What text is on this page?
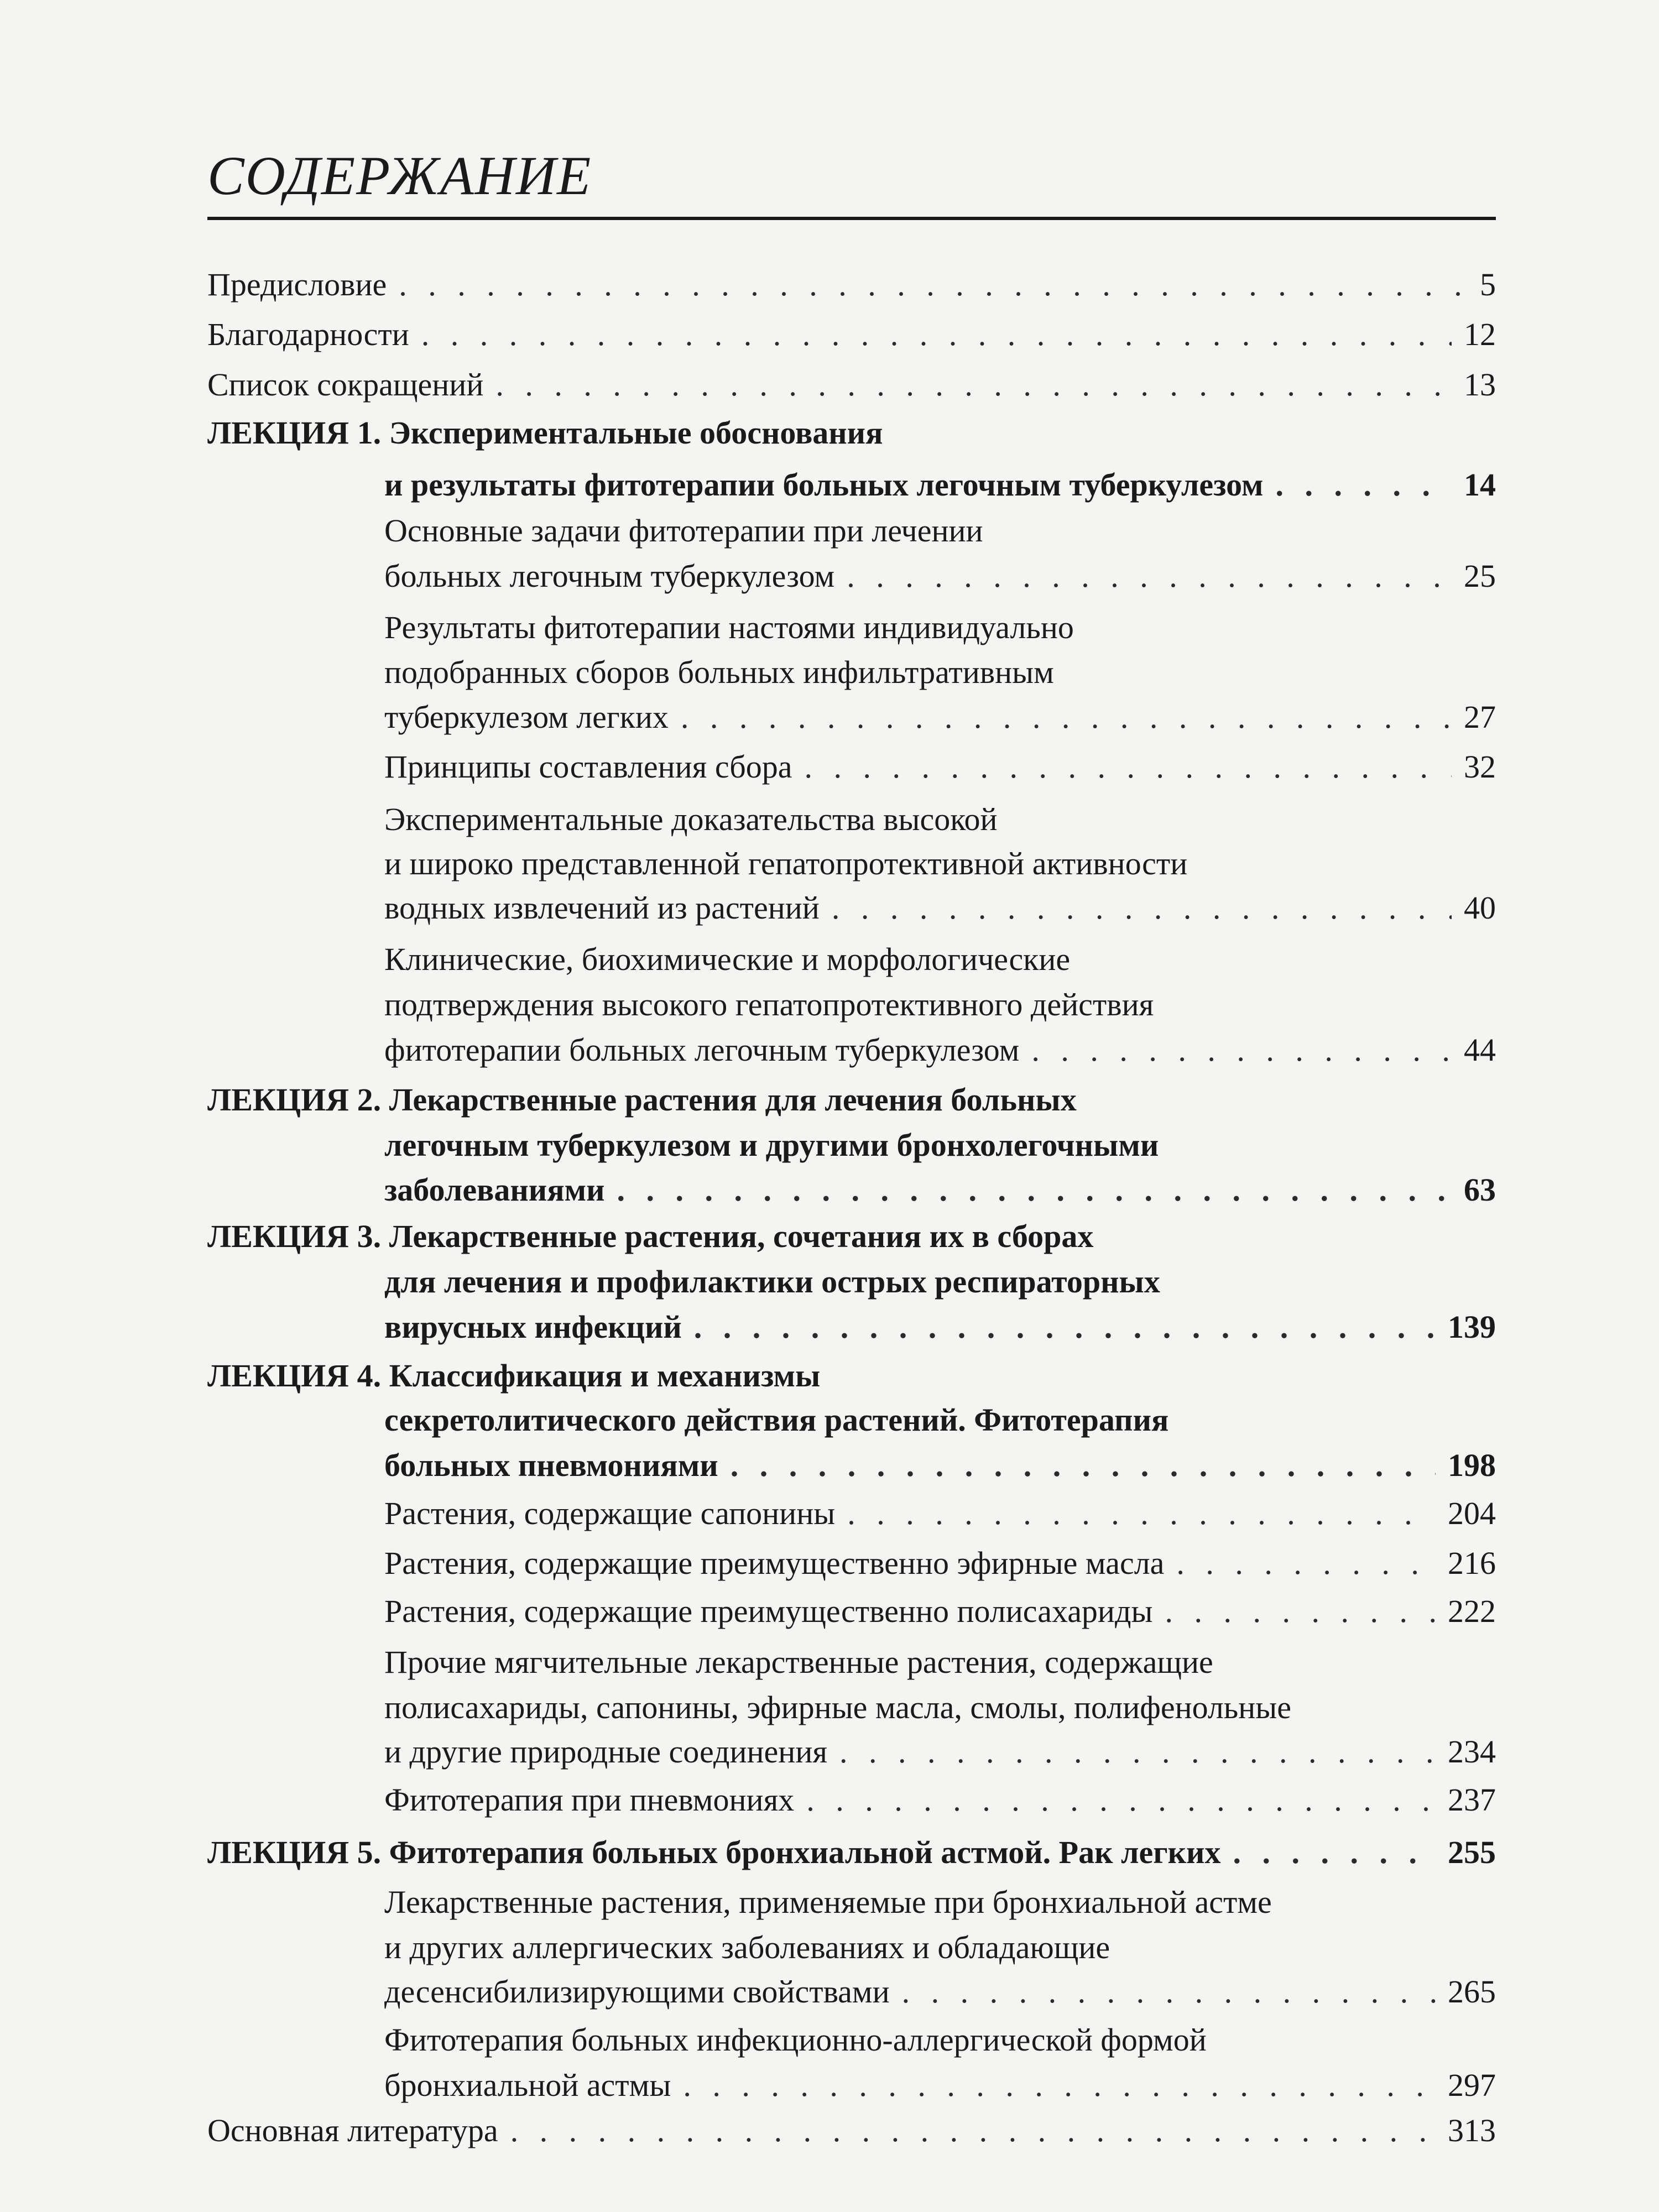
СОДЕРЖАНИЕ
Предисловие . . .	5
Благодарности . . .	12
Список сокращений . . .	13
ЛЕКЦИЯ 1. Экспериментальные обоснования
и результаты фитотерапии больных легочным туберкулезом . . .	14
Основные задачи фитотерапии при лечении
больных легочным туберкулезом . . .	25
Результаты фитотерапии настоями индивидуально
подобранных сборов больных инфильтративным
туберкулезом легких . . .	27
Принципы составления сбора . . .	32
Экспериментальные доказательства высокой
и широко представленной гепатопротективной активности
водных извлечений из растений . . .	40
Клинические, биохимические и морфологические
подтверждения высокого гепатопротективного действия
фитотерапии больных легочным туберкулезом . . .	44
ЛЕКЦИЯ 2. Лекарственные растения для лечения больных
легочным туберкулезом и другими бронхолегочными
заболеваниями . . .	63
ЛЕКЦИЯ 3. Лекарственные растения, сочетания их в сборах
для лечения и профилактики острых респираторных
вирусных инфекций . . .	139
ЛЕКЦИЯ 4. Классификация и механизмы
секретолитического действия растений. Фитотерапия
больных пневмониями . . .	198
Растения, содержащие сапонины . . .	204
Растения, содержащие преимущественно эфирные масла . . .	216
Растения, содержащие преимущественно полисахариды . . .	222
Прочие мягчительные лекарственные растения, содержащие
полисахариды, сапонины, эфирные масла, смолы, полифенольные
и другие природные соединения . . .	234
Фитотерапия при пневмониях . . .	237
ЛЕКЦИЯ 5. Фитотерапия больных бронхиальной астмой. Рак легких . . .	255
Лекарственные растения, применяемые при бронхиальной астме
и других аллергических заболеваниях и обладающие
десенсибилизирующими свойствами . . .	265
Фитотерапия больных инфекционно-аллергической формой
бронхиальной астмы . . .	297
Основная литература . . .	313
